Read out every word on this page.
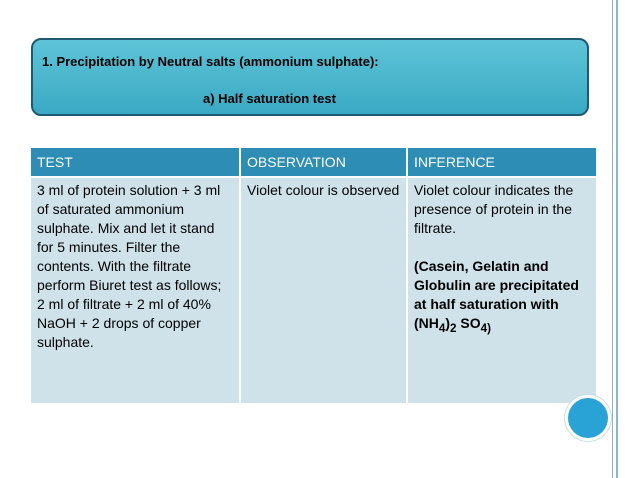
1. Precipitation by Neutral salts (ammonium sulphate):
a) Half saturation test
TEST	OBSERVATION	INFERENCE
3 ml of protein solution + 3 ml of saturated ammonium sulphate. Mix and let it stand for 5 minutes. Filter the contents. With the filtrate perform Biuret test as follows; 2 ml of filtrate + 2 ml of 40% NaOH + 2 drops of copper sulphate.	Violet colour is observed	Violet colour indicates the presence of protein in the filtrate.
(Casein, Gelatin and Globulin are precipitated at half saturation with $(NH_4)_2$ $SO_{4)}$
